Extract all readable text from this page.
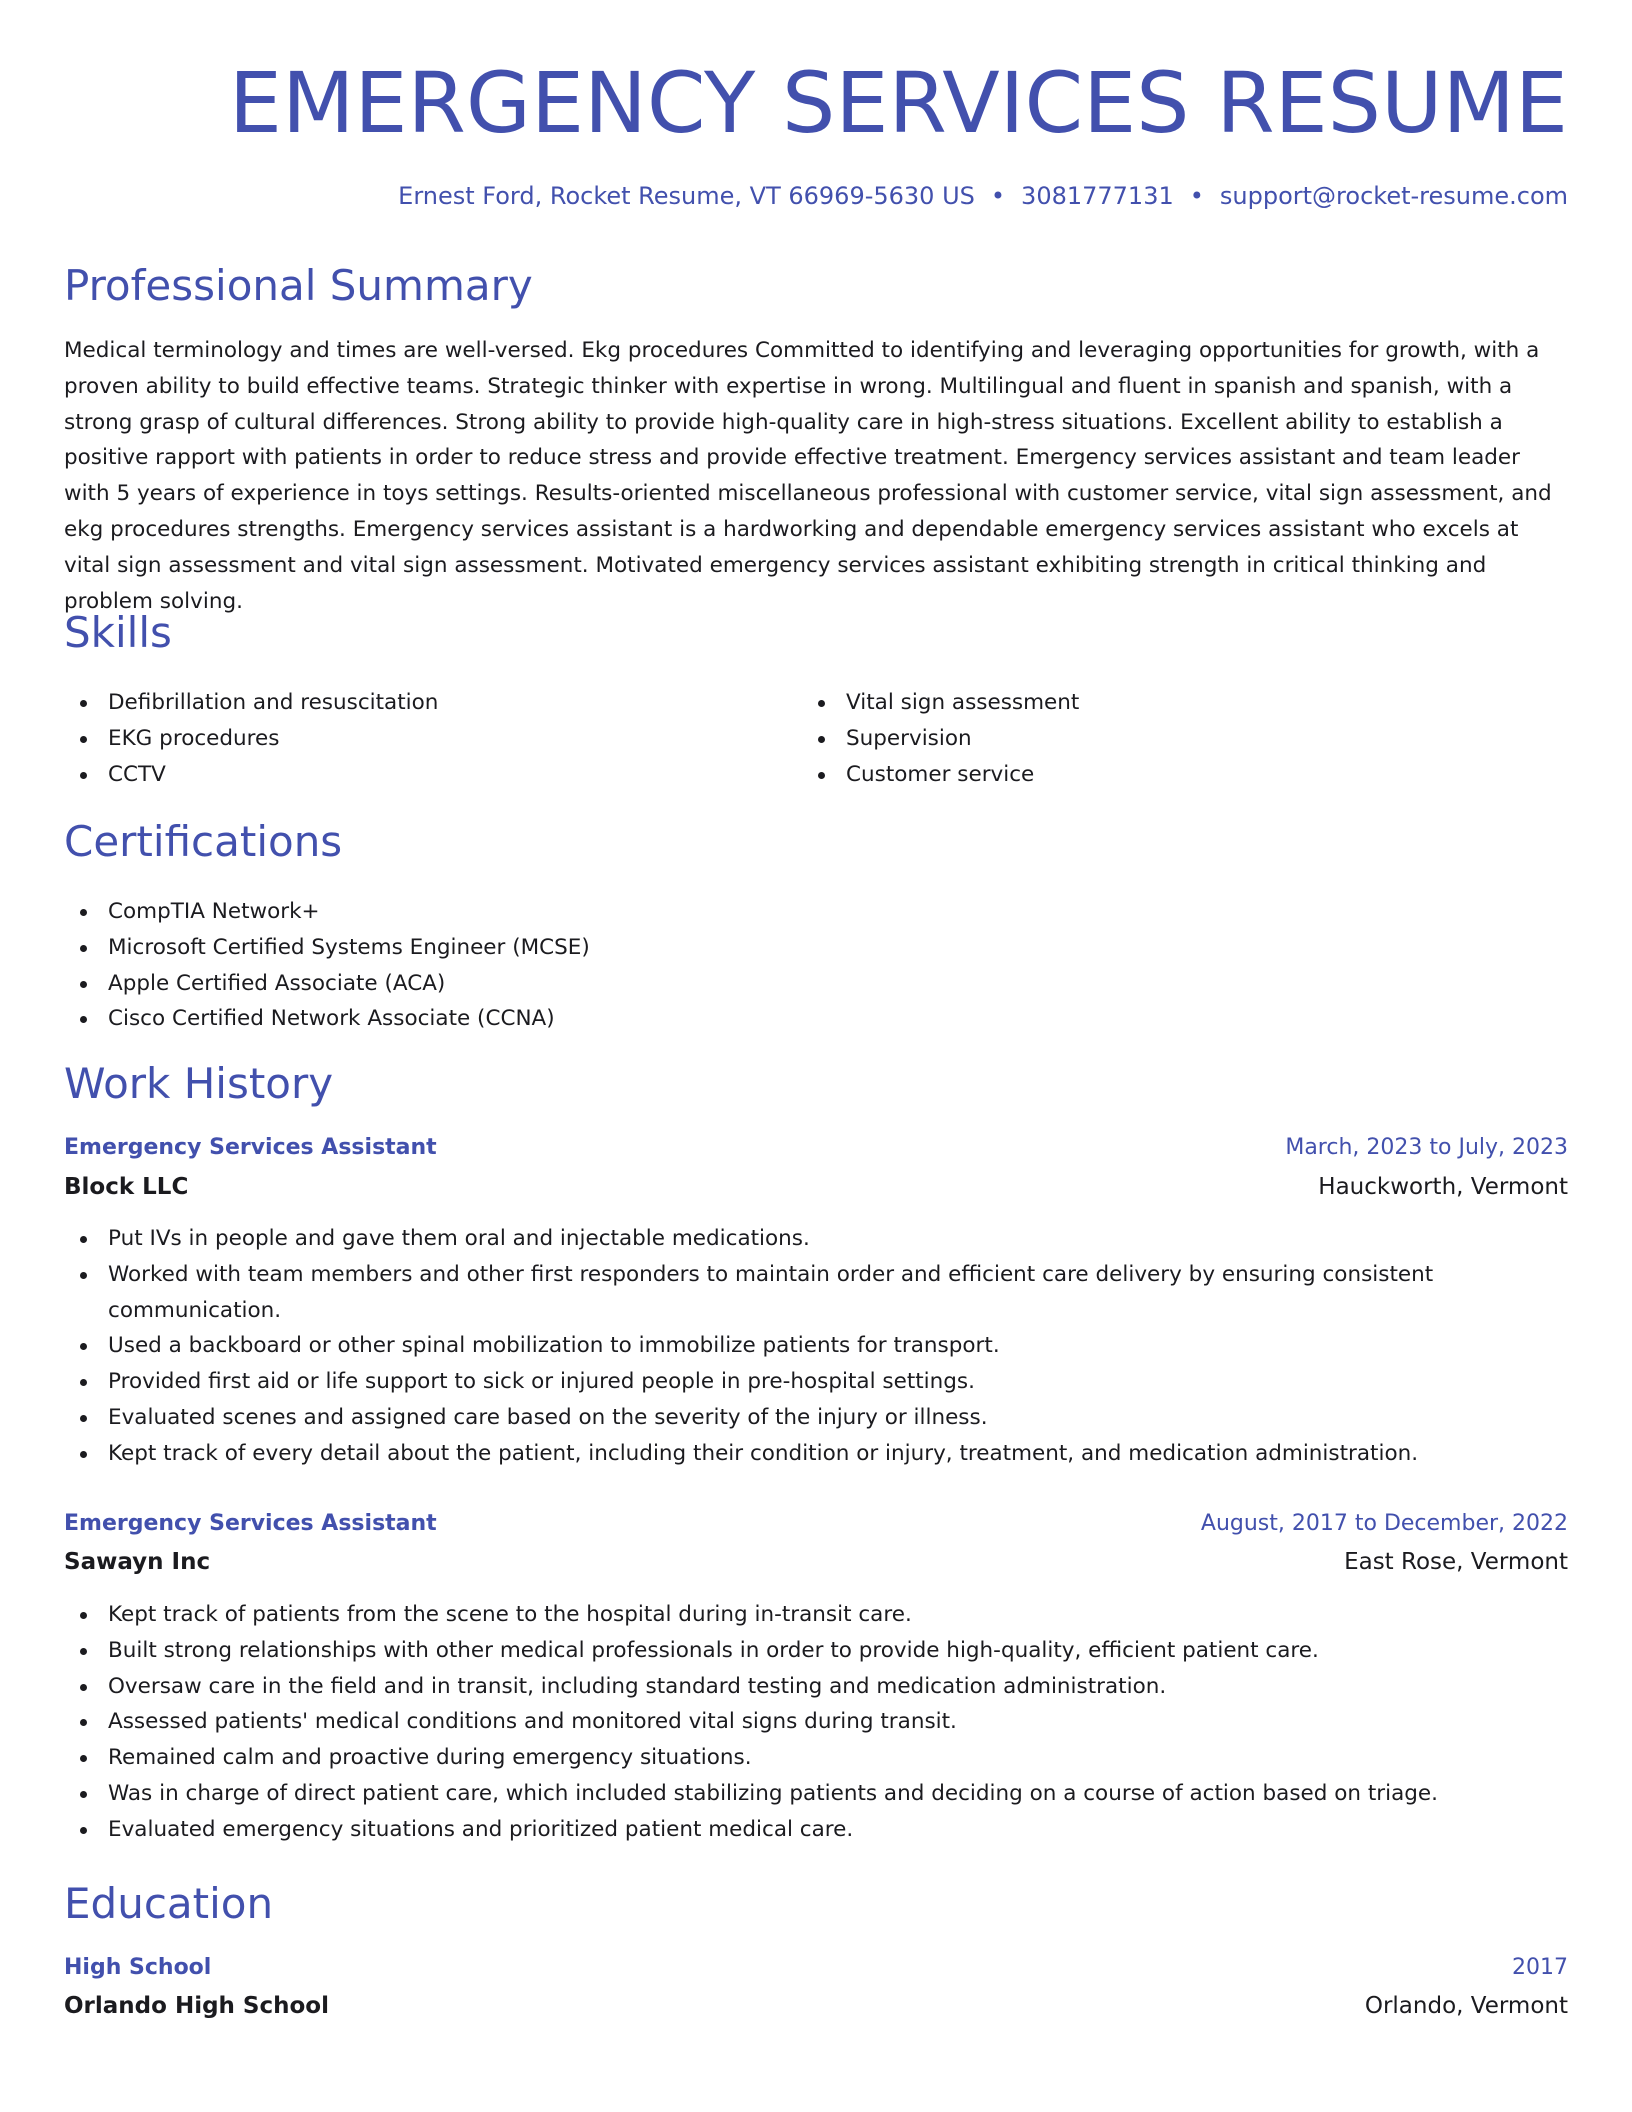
EMERGENCY SERVICES RESUME
Ernest Ford, Rocket Resume, VT 66969-5630 US • 3081777131 • support@rocket-resume.com
Professional Summary

Medical terminology and times are well-versed. Ekg procedures Committed to identifying and leveraging opportunities for growth, with a proven ability to build effective teams. Strategic thinker with expertise in wrong. Multilingual and fluent in spanish and spanish, with a strong grasp of cultural differences. Strong ability to provide high-quality care in high-stress situations. Excellent ability to establish a positive rapport with patients in order to reduce stress and provide effective treatment. Emergency services assistant and team leader with 5 years of experience in toys settings. Results-oriented miscellaneous professional with customer service, vital sign assessment, and ekg procedures strengths. Emergency services assistant is a hardworking and dependable emergency services assistant who excels at vital sign assessment and vital sign assessment. Motivated emergency services assistant exhibiting strength in critical thinking and problem solving.

Skills
Defibrillation and resuscitation
EKG procedures
CCTV
Vital sign assessment
Supervision
Customer service
Certifications
CompTIA Network+
Microsoft Certified Systems Engineer (MCSE)
Apple Certified Associate (ACA)
Cisco Certified Network Associate (CCNA)
Work History
Emergency Services Assistant	March, 2023 to July, 2023
Block LLC	Hauckworth, Vermont
Put IVs in people and gave them oral and injectable medications.
Worked with team members and other first responders to maintain order and efficient care delivery by ensuring consistent communication.
Used a backboard or other spinal mobilization to immobilize patients for transport.
Provided first aid or life support to sick or injured people in pre-hospital settings.
Evaluated scenes and assigned care based on the severity of the injury or illness.
Kept track of every detail about the patient, including their condition or injury, treatment, and medication administration.
Emergency Services Assistant	August, 2017 to December, 2022
Sawayn Inc	East Rose, Vermont
Kept track of patients from the scene to the hospital during in-transit care.
Built strong relationships with other medical professionals in order to provide high-quality, efficient patient care.
Oversaw care in the field and in transit, including standard testing and medication administration.
Assessed patients' medical conditions and monitored vital signs during transit.
Remained calm and proactive during emergency situations.
Was in charge of direct patient care, which included stabilizing patients and deciding on a course of action based on triage.
Evaluated emergency situations and prioritized patient medical care.
Education
High School	2017
Orlando High School	Orlando, Vermont
